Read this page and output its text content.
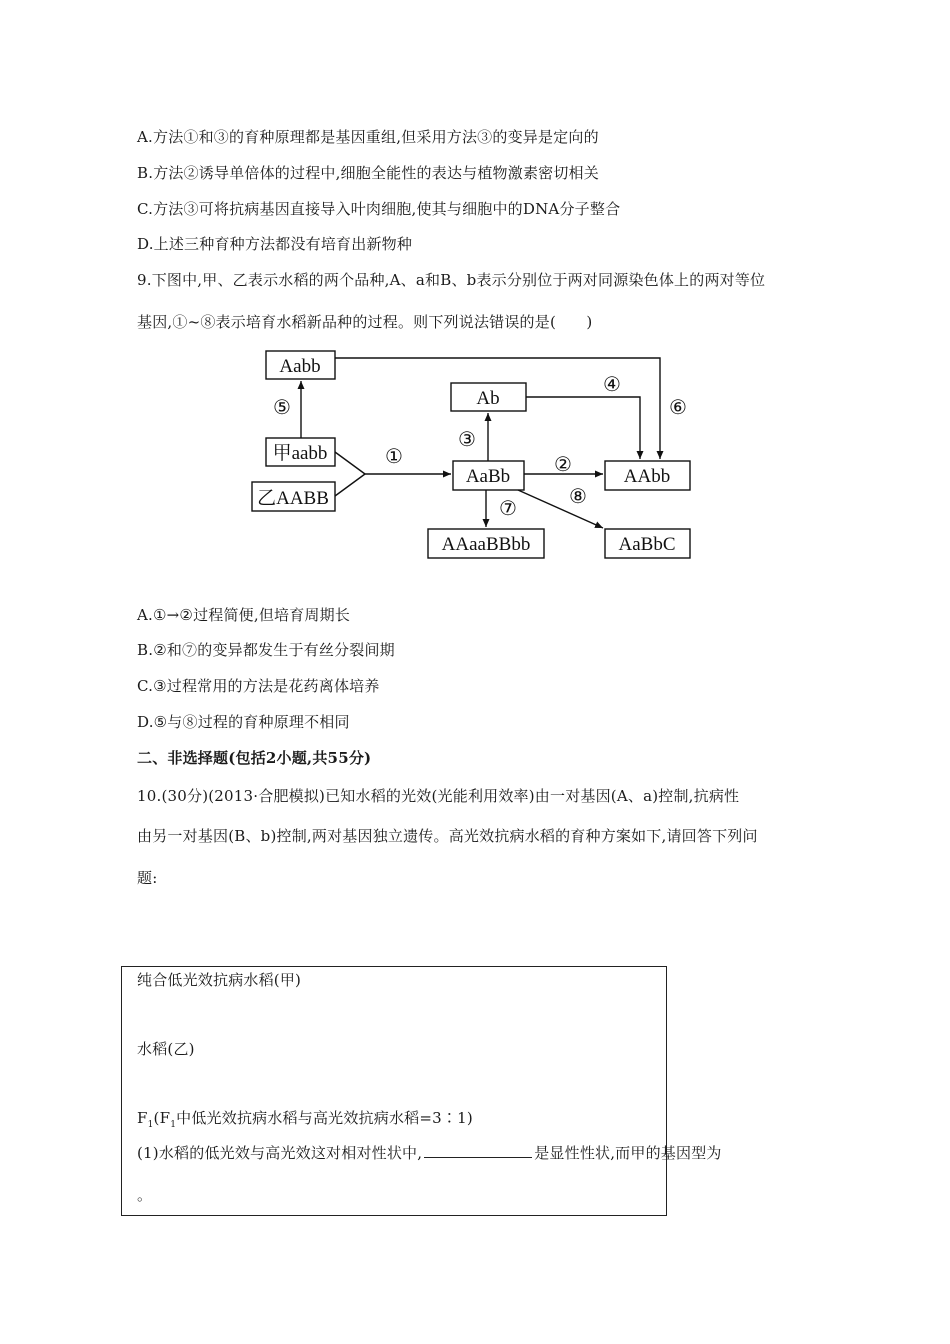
A.方法①和③的育种原理都是基因重组,但采用方法③的变异是定向的
B.方法②诱导单倍体的过程中,细胞全能性的表达与植物激素密切相关
C.方法③可将抗病基因直接导入叶肉细胞,使其与细胞中的DNA分子整合
D.上述三种育种方法都没有培育出新物种
9.下图中,甲、乙表示水稻的两个品种,A、a和B、b表示分别位于两对同源染色体上的两对等位
基因,①~⑧表示培育水稻新品种的过程。则下列说法错误的是(　　)
Aabb
甲aabb
乙AABB
Ab
AaBb	AAbb
AAaaBBbb	AaBbC
⑤
①
③
②
④
⑥
⑦
⑧
A.①→②过程简便,但培育周期长
B.②和⑦的变异都发生于有丝分裂间期
C.③过程常用的方法是花药离体培养
D.⑤与⑧过程的育种原理不相同
二、非选择题(包括2小题,共55分)
10.(30分)(2013·合肥模拟)已知水稻的光效(光能利用效率)由一对基因(A、a)控制,抗病性
由另一对基因(B、b)控制,两对基因独立遗传。高光效抗病水稻的育种方案如下,请回答下列问
题:
纯合低光效抗病水稻(甲)
水稻(乙)
$F_1(F_1$中低光效抗病水稻与高光效抗病水稻=3∶1)
(1)水稻的低光效与高光效这对相对性状中,	是显性性状,而甲的基因型为
。
